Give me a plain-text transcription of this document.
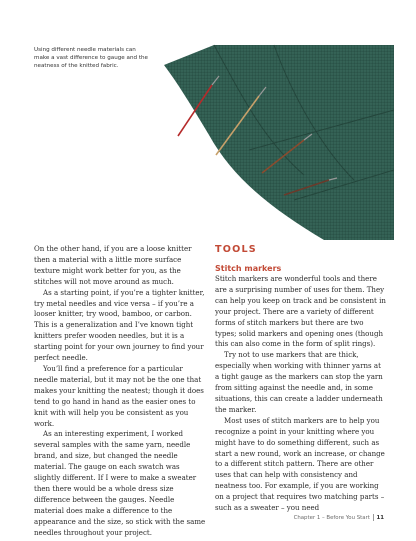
Using different needle materials can make a vast difference to gauge and the neatness of the knitted fabric.

On the other hand, if you are a loose knitter then a material with a little more surface texture might work better for you, as the stitches will not move around as much.

As a starting point, if you’re a tighter knitter, try metal needles and vice versa – if you’re a looser knitter, try wood, bamboo, or carbon. This is a generalization and I’ve known tight knitters prefer wooden needles, but it is a starting point for your own journey to find your perfect needle.

You’ll find a preference for a particular needle material, but it may not be the one that makes your knitting the neatest; though it does tend to go hand in hand as the easier ones to knit with will help you be consistent as you work.

As an interesting experiment, I worked several samples with the same yarn, needle brand, and size, but changed the needle material. The gauge on each swatch was slightly different. If I were to make a sweater then there would be a whole dress size difference between the gauges. Needle material does make a difference to the appearance and the size, so stick with the same needles throughout your project.

TOOLS
Stitch markers

Stitch markers are wonderful tools and there are a surprising number of uses for them. They can help you keep on track and be consistent in your project. There are a variety of different forms of stitch markers but there are two types; solid markers and opening ones (though this can also come in the form of split rings).

Try not to use markers that are thick, especially when working with thinner yarns at a tight gauge as the markers can stop the yarn from sitting against the needle and, in some situations, this can create a ladder underneath the marker.

Most uses of stitch markers are to help you recognize a point in your knitting where you might have to do something different, such as start a new round, work an increase, or change to a different stitch pattern. There are other uses that can help with consistency and neatness too. For example, if you are working on a project that requires two matching parts – such as a sweater – you need

Chapter 1 – Before You Start 11
